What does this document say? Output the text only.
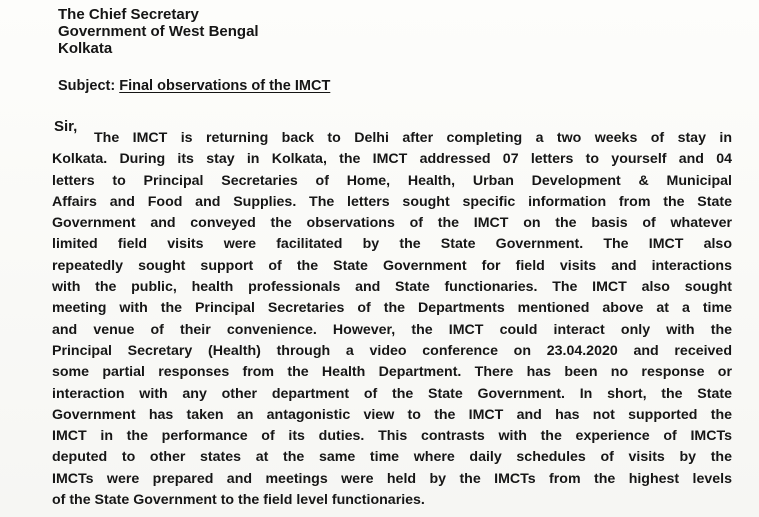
The Chief Secretary
Government of West Bengal
Kolkata
Subject: Final observations of the IMCT
Sir,
The IMCT is returning back to Delhi after completing a two weeks of stay in
Kolkata. During its stay in Kolkata, the IMCT addressed 07 letters to yourself and 04
letters to Principal Secretaries of Home, Health, Urban Development & Municipal
Affairs and Food and Supplies. The letters sought specific information from the State
Government and conveyed the observations of the IMCT on the basis of whatever
limited field visits were facilitated by the State Government. The IMCT also
repeatedly sought support of the State Government for field visits and interactions
with the public, health professionals and State functionaries. The IMCT also sought
meeting with the Principal Secretaries of the Departments mentioned above at a time
and venue of their convenience. However, the IMCT could interact only with the
Principal Secretary (Health) through a video conference on 23.04.2020 and received
some partial responses from the Health Department. There has been no response or
interaction with any other department of the State Government. In short, the State
Government has taken an antagonistic view to the IMCT and has not supported the
IMCT in the performance of its duties. This contrasts with the experience of IMCTs
deputed to other states at the same time where daily schedules of visits by the
IMCTs were prepared and meetings were held by the IMCTs from the highest levels
of the State Government to the field level functionaries.
